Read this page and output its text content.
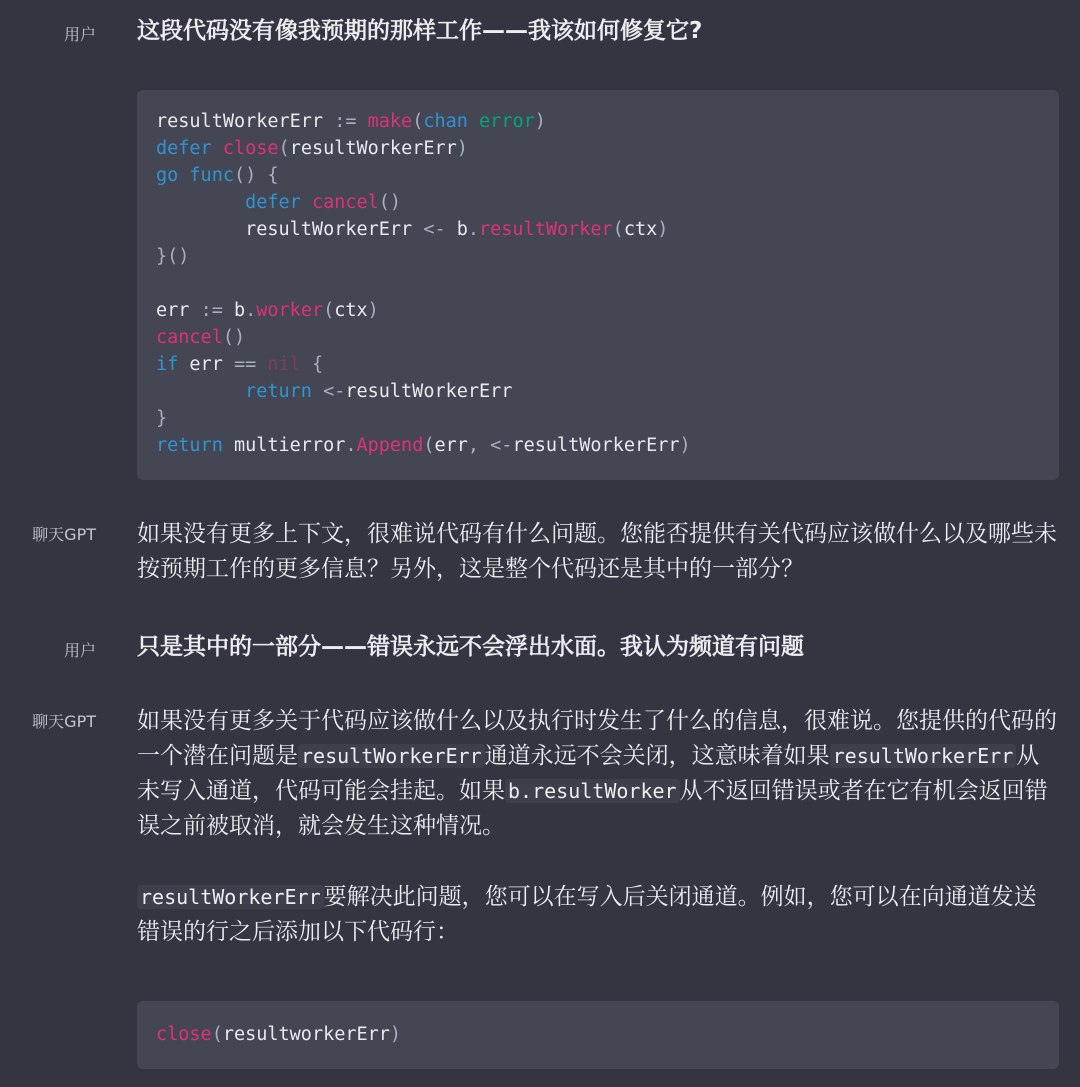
用户 这段代码没有像我预期的那样工作——我该如何修复它?
resultWorkerErr := make(chan error)
defer close(resultWorkerErr)
go func() {
defer cancel()
resultWorkerErr <- b.resultWorker(ctx)
}()

err := b.worker(ctx)
cancel()
if err == nil {
return <-resultWorkerErr
}
return multierror.Append(err, <-resultWorkerErr)
聊天GPT 如果没有更多上下文，很难说代码有什么问题。您能否提供有关代码应该做什么以及哪些未按预期工作的更多信息？另外，这是整个代码还是其中的一部分？
用户 只是其中的一部分——错误永远不会浮出水面。我认为频道有问题
聊天GPT 如果没有更多关于代码应该做什么以及执行时发生了什么的信息，很难说。您提供的代码的一个潜在问题是 resultWorkerErr 通道永远不会关闭，这意味着如果 resultWorkerErr 从未写入通道，代码可能会挂起。如果 b.resultWorker 从不返回错误或者在它有机会返回错误之前被取消，就会发生这种情况。
resultWorkerErr 要解决此问题，您可以在写入后关闭通道。例如，您可以在向通道发送错误的行之后添加以下代码行：
close(resultworkerErr)
